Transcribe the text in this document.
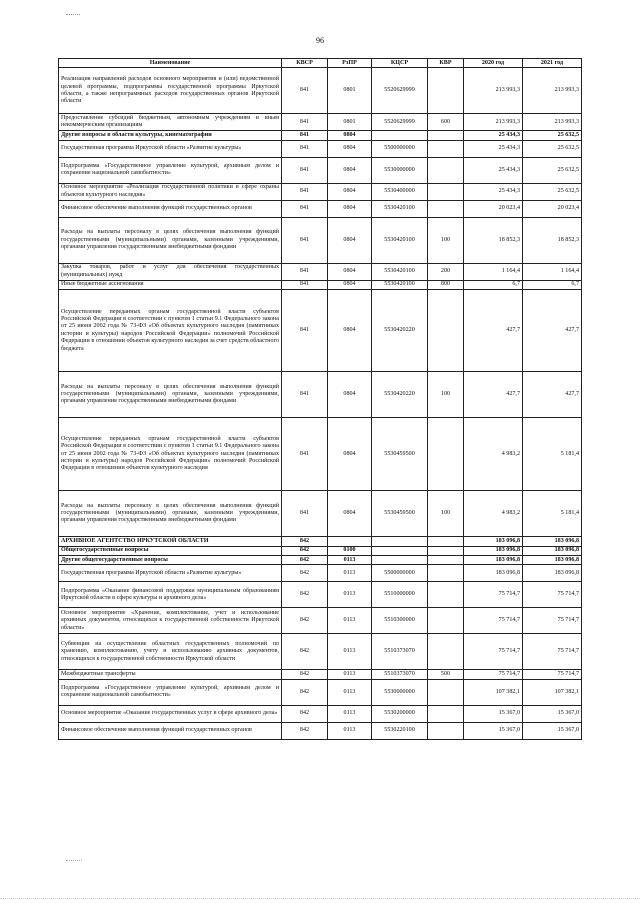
96
Наименование	КВСР	РзПР	КЦСР	КВР	2020 год	2021 год
Реализация направлений расходов основного мероприятия и (или) ведомственной целевой программы, подпрограммы государственной программы Иркутской области, а также непрограммных расходов государственных органов Иркутской области	841	0801	5520629999		213 993,3	213 993,3
Предоставление субсидий бюджетным, автономным учреждениям и иным некоммерческим организациям	841	0801	5520629999	600	213 993,3	213 993,3
Другие вопросы в области культуры, кинематографии	841	0804			25 434,3	25 632,5
Государственная программа Иркутской области «Развитие культуры»	841	0804	5500000000		25 434,3	25 632,5
Подпрограмма «Государственное управление культурой, архивным делом и сохранение национальной самобытности»	841	0804	5530000000		25 434,3	25 632,5
Основное мероприятие «Реализация государственной политики в сфере охраны объектов культурного наследия»	841	0804	5530400000		25 434,3	25 632,5
Финансовое обеспечение выполнения функций государственных органов	841	0804	5530420100		20 023,4	20 023,4
Расходы на выплаты персоналу в целях обеспечения выполнения функций государственными (муниципальными) органами, казенными учреждениями, органами управления государственными внебюджетными фондами	841	0804	5530420100	100	18 852,3	18 852,3
Закупка товаров, работ и услуг для обеспечения государственных (муниципальных) нужд	841	0804	5530420100	200	1 164,4	1 164,4
Иные бюджетные ассигнования	841	0804	5530420100	800	6,7	6,7
Осуществление переданных органам государственной власти субъектов Российской Федерации в соответствии с пунктом 1 статьи 9.1 Федерального закона от 25 июня 2002 года № 73-ФЗ «Об объектах культурного наследия (памятниках истории и культуры) народов Российской Федерации» полномочий Российской Федерации в отношении объектов культурного наследия за счет средств областного бюджета	841	0804	5530420220		427,7	427,7
Расходы на выплаты персоналу в целях обеспечения выполнения функций государственными (муниципальными) органами, казенными учреждениями, органами управления государственными внебюджетными фондами	841	0804	5530420220	100	427,7	427,7
Осуществление переданных органам государственной власти субъектов Российской Федерации в соответствии с пунктом 1 статьи 9.1 Федерального закона от 25 июня 2002 года № 73-ФЗ «Об объектах культурного наследия (памятниках истории и культуры) народов Российской Федерации» полномочий Российской Федерации в отношении объектов культурного наследия	841	0804	5530459500		4 983,2	5 181,4
Расходы на выплаты персоналу в целях обеспечения выполнения функций государственными (муниципальными) органами, казенными учреждениями, органами управления государственными внебюджетными фондами	841	0804	5530459500	100	4 983,2	5 181,4
АРХИВНОЕ АГЕНТСТВО ИРКУТСКОЙ ОБЛАСТИ	842				183 096,8	183 096,8
Общегосударственные вопросы	842	0100			183 096,8	183 096,8
Другие общегосударственные вопросы	842	0113			183 096,8	183 096,8
Государственная программа Иркутской области «Развитие культуры»	842	0113	5500000000		183 096,8	183 096,8
Подпрограмма «Оказание финансовой поддержки муниципальным образованиям Иркутской области в сфере культуры и архивного дела»	842	0113	5510000000		75 714,7	75 714,7
Основное мероприятие «Хранение, комплектование, учет и использование архивных документов, относящихся к государственной собственности Иркутской области»	842	0113	5510300000		75 714,7	75 714,7
Субвенции на осуществление областных государственных полномочий по хранению, комплектованию, учету и использованию архивных документов, относящихся к государственной собственности Иркутской области	842	0113	5510373070		75 714,7	75 714,7
Межбюджетные трансферты	842	0113	5510373070	500	75 714,7	75 714,7
Подпрограмма «Государственное управление культурой, архивным делом и сохранение национальной самобытности»	842	0113	5530000000		107 382,1	107 382,1
Основное мероприятие «Оказание государственных услуг в сфере архивного дела»	842	0113	5530200000		15 367,0	15 367,0
Финансовое обеспечение выполнения функций государственных органов	842	0113	5530220100		15 367,0	15 367,0
